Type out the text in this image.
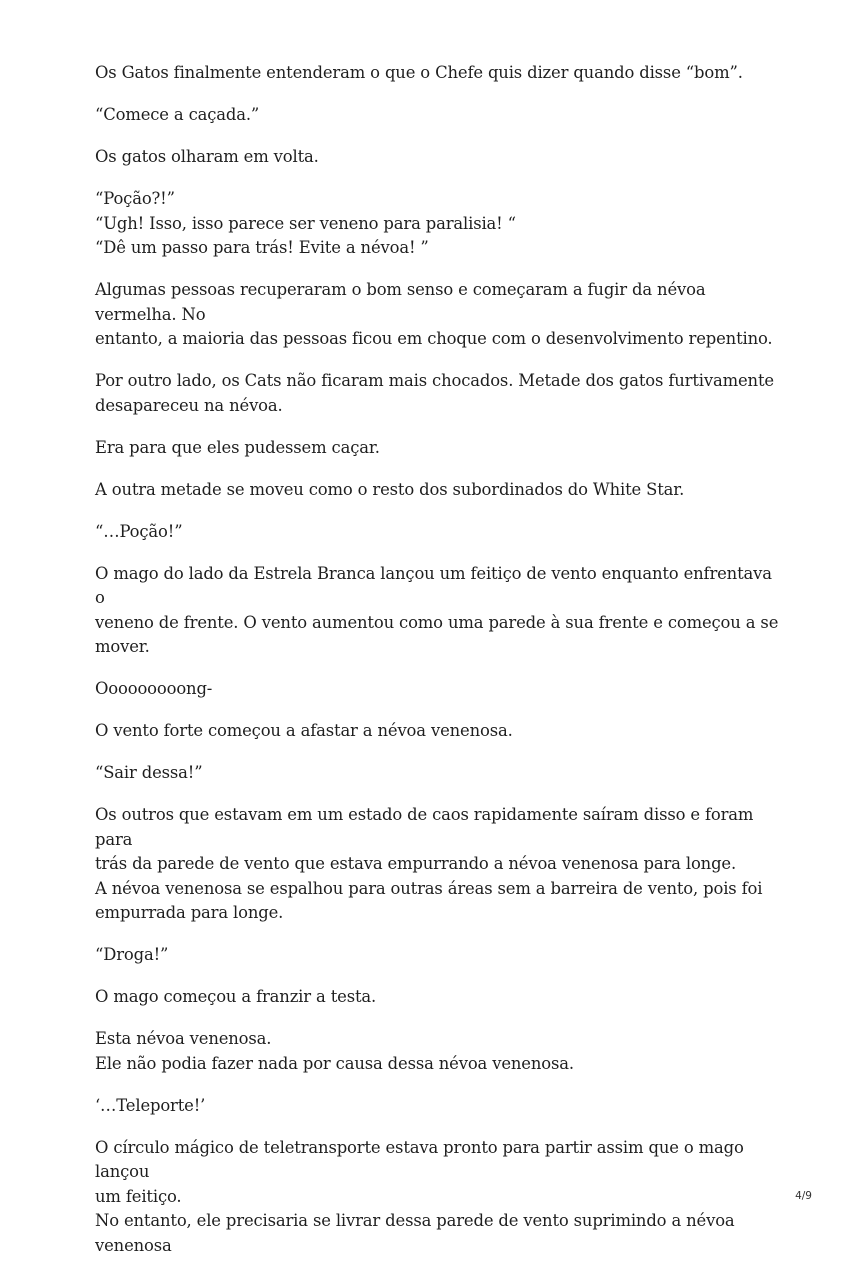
Os Gatos finalmente entenderam o que o Chefe quis dizer quando disse “bom”.

“Comece a caçada.”

Os gatos olharam em volta.

“Poção?!”
“Ugh! Isso, isso parece ser veneno para paralisia! “
“Dê um passo para trás! Evite a névoa! ”

Algumas pessoas recuperaram o bom senso e começaram a fugir da névoa vermelha. No
entanto, a maioria das pessoas ficou em choque com o desenvolvimento repentino.

Por outro lado, os Cats não ficaram mais chocados. Metade dos gatos furtivamente
desapareceu na névoa.

Era para que eles pudessem caçar.

A outra metade se moveu como o resto dos subordinados do White Star.

“…Poção!”

O mago do lado da Estrela Branca lançou um feitiço de vento enquanto enfrentava o
veneno de frente. O vento aumentou como uma parede à sua frente e começou a se
mover.

Ooooooooong-

O vento forte começou a afastar a névoa venenosa.

“Sair dessa!”

Os outros que estavam em um estado de caos rapidamente saíram disso e foram para
trás da parede de vento que estava empurrando a névoa venenosa para longe.
A névoa venenosa se espalhou para outras áreas sem a barreira de vento, pois foi
empurrada para longe.

“Droga!”

O mago começou a franzir a testa.

Esta névoa venenosa.
Ele não podia fazer nada por causa dessa névoa venenosa.

‘…Teleporte!’

O círculo mágico de teletransporte estava pronto para partir assim que o mago lançou
um feitiço.
No entanto, ele precisaria se livrar dessa parede de vento suprimindo a névoa venenosa

4/9
